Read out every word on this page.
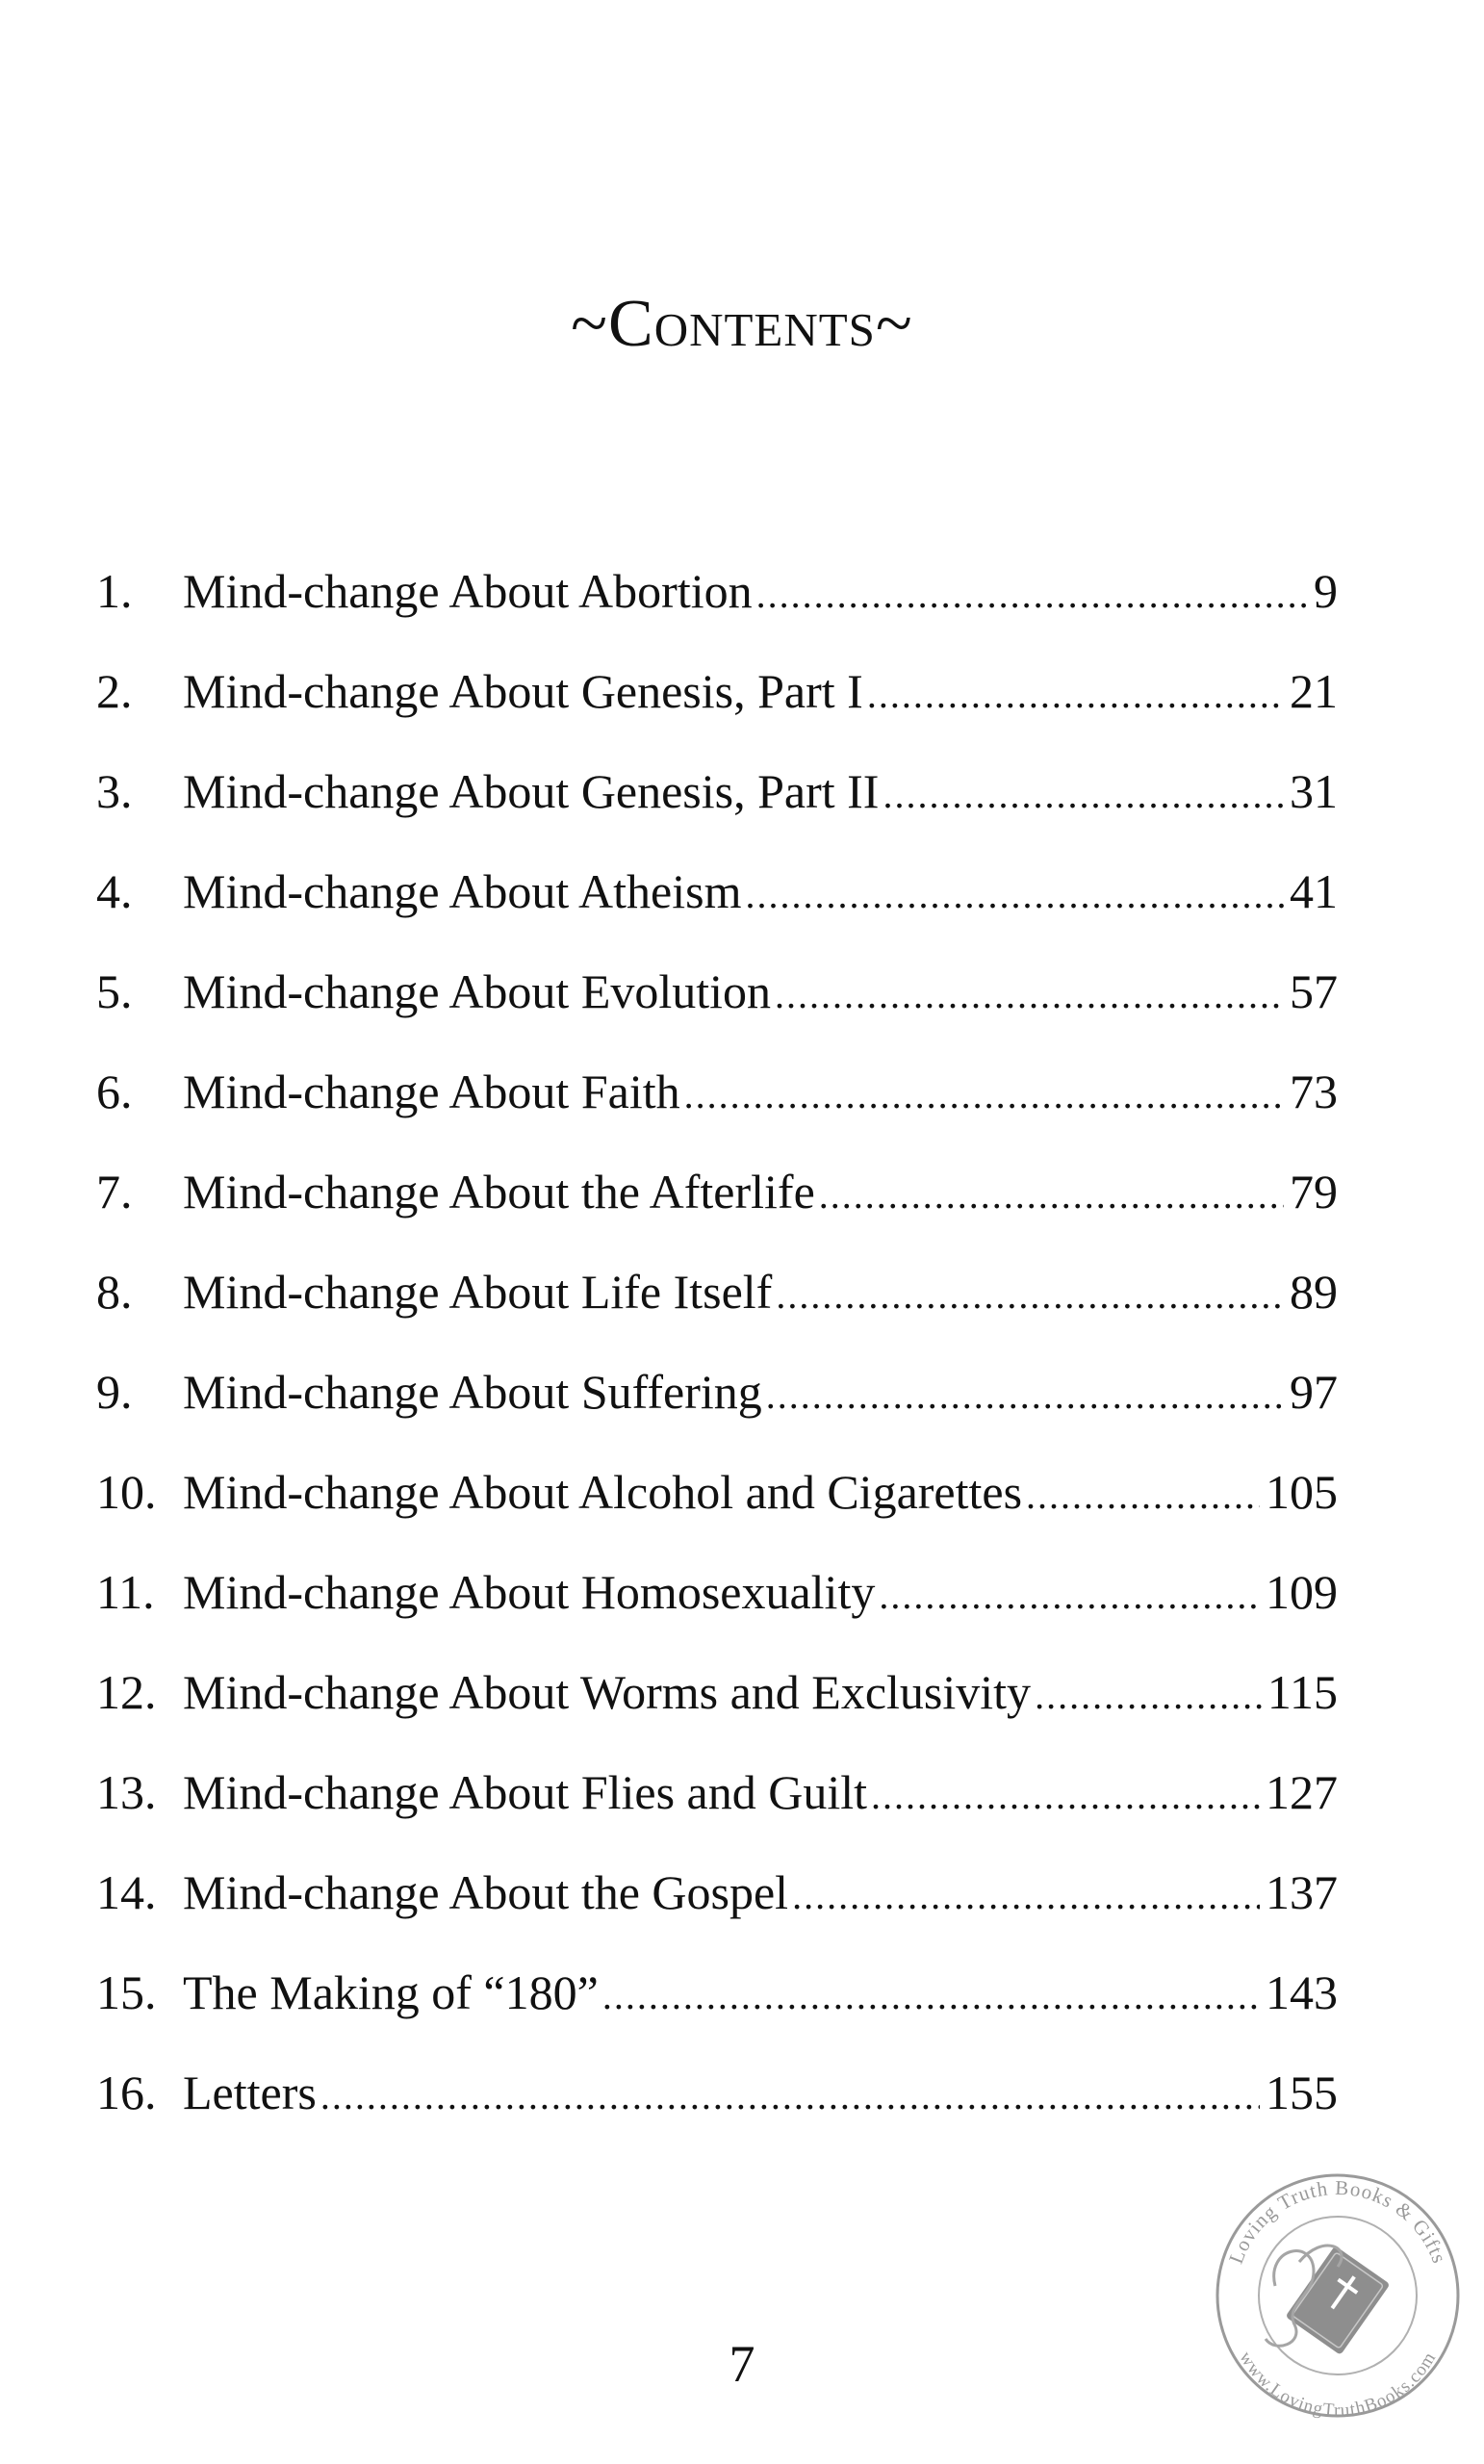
~Contents~
1.	Mind-change About Abortion .....	9
2.	Mind-change About Genesis, Part I .....	21
3.	Mind-change About Genesis, Part II .....	31
4.	Mind-change About Atheism .....	41
5.	Mind-change About Evolution .....	57
6.	Mind-change About Faith .....	73
7.	Mind-change About the Afterlife .....	79
8.	Mind-change About Life Itself .....	89
9.	Mind-change About Suffering .....	97
10. Mind-change About Alcohol and Cigarettes .....	105
11. Mind-change About Homosexuality .....	109
12. Mind-change About Worms and Exclusivity .....	115
13. Mind-change About Flies and Guilt .....	127
14. Mind-change About the Gospel .....	137
15. The Making of “180” .....	143
16. Letters .....	155
7
Loving Truth Books & Gifts
www.LovingTruthBooks.com
